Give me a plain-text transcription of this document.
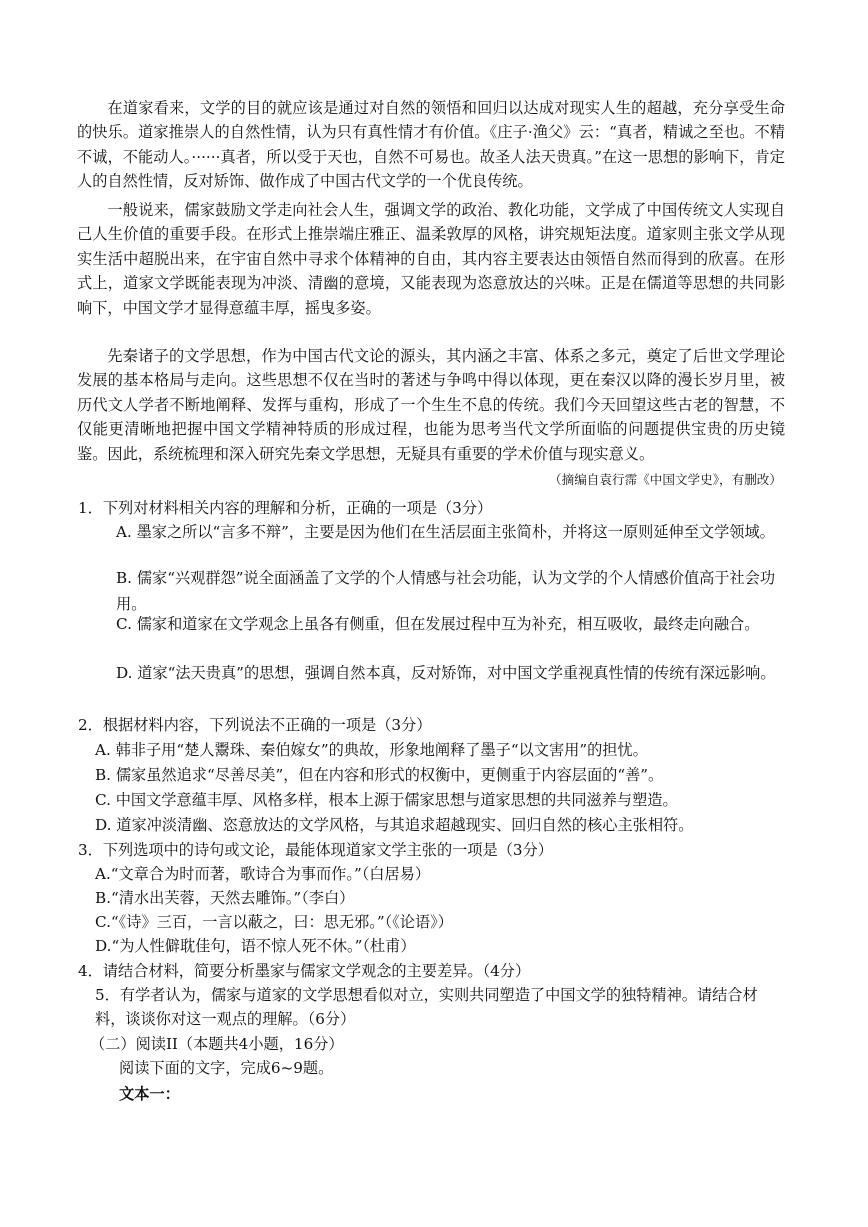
在道家看来，文学的目的就应该是通过对自然的领悟和回归以达成对现实人生的超越，充分享受生命的快乐。道家推崇人的自然性情，认为只有真性情才有价值。《庄子·渔父》云：“真者，精诚之至也。不精不诚，不能动人。······真者，所以受于天也，自然不可易也。故圣人法天贵真。”在这一思想的影响下，肯定人的自然性情，反对矫饰、做作成了中国古代文学的一个优良传统。

一般说来，儒家鼓励文学走向社会人生，强调文学的政治、教化功能，文学成了中国传统文人实现自己人生价值的重要手段。在形式上推崇端庄雅正、温柔敦厚的风格，讲究规矩法度。道家则主张文学从现实生活中超脱出来，在宇宙自然中寻求个体精神的自由，其内容主要表达由领悟自然而得到的欣喜。在形式上，道家文学既能表现为冲淡、清幽的意境，又能表现为恣意放达的兴味。正是在儒道等思想的共同影响下，中国文学才显得意蕴丰厚，摇曳多姿。

先秦诸子的文学思想，作为中国古代文论的源头，其内涵之丰富、体系之多元，奠定了后世文学理论发展的基本格局与走向。这些思想不仅在当时的著述与争鸣中得以体现，更在秦汉以降的漫长岁月里，被历代文人学者不断地阐释、发挥与重构，形成了一个生生不息的传统。我们今天回望这些古老的智慧，不仅能更清晰地把握中国文学精神特质的形成过程，也能为思考当代文学所面临的问题提供宝贵的历史镜鉴。因此，系统梳理和深入研究先秦文学思想，无疑具有重要的学术价值与现实意义。

（摘编自袁行霈《中国文学史》，有删改）

1．下列对材料相关内容的理解和分析，正确的一项是（3分）

A. 墨家之所以“言多不辩”，主要是因为他们在生活层面主张简朴，并将这一原则延伸至文学领域。

B. 儒家“兴观群怨”说全面涵盖了文学的个人情感与社会功能，认为文学的个人情感价值高于社会功用。

C. 儒家和道家在文学观念上虽各有侧重，但在发展过程中互为补充，相互吸收，最终走向融合。

D. 道家“法天贵真”的思想，强调自然本真，反对矫饰，对中国文学重视真性情的传统有深远影响。

2．根据材料内容，下列说法不正确的一项是（3分）

A. 韩非子用“楚人鬻珠、秦伯嫁女”的典故，形象地阐释了墨子“以文害用”的担忧。

B. 儒家虽然追求“尽善尽美”，但在内容和形式的权衡中，更侧重于内容层面的“善”。

C. 中国文学意蕴丰厚、风格多样，根本上源于儒家思想与道家思想的共同滋养与塑造。

D. 道家冲淡清幽、恣意放达的文学风格，与其追求超越现实、回归自然的核心主张相符。

3．下列选项中的诗句或文论，最能体现道家文学主张的一项是（3分）

A.“文章合为时而著，歌诗合为事而作。”（白居易）

B.“清水出芙蓉，天然去雕饰。”（李白）

C.“《诗》三百，一言以蔽之，曰：思无邪。”（《论语》）

D.“为人性僻耽佳句，语不惊人死不休。”（杜甫）

4．请结合材料，简要分析墨家与儒家文学观念的主要差异。（4分）

5．有学者认为，儒家与道家的文学思想看似对立，实则共同塑造了中国文学的独特精神。请结合材料，谈谈你对这一观点的理解。（6分）

（二）阅读II（本题共4小题，16分）

阅读下面的文字，完成6~9题。

文本一：
